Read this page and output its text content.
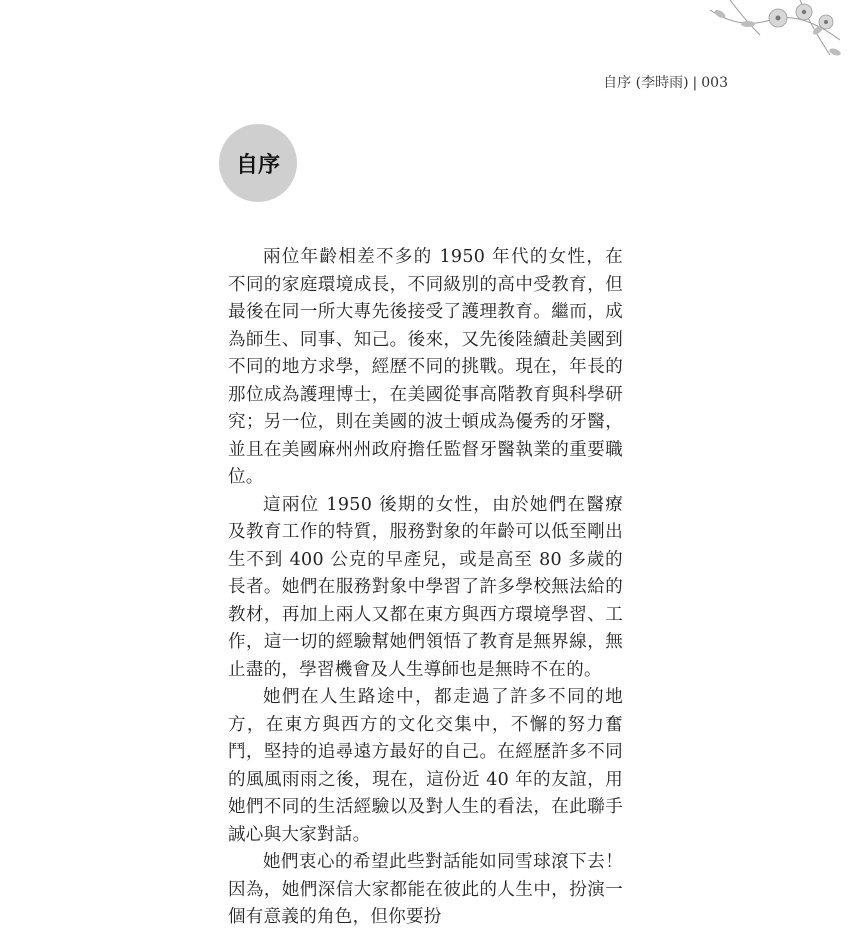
自序 (李時雨) | 003
自序

兩位年齡相差不多的 1950 年代的女性，在不同的家庭環境成長，不同級別的高中受教育，但最後在同一所大專先後接受了護理教育。繼而，成為師生、同事、知己。後來，又先後陸續赴美國到不同的地方求學，經歷不同的挑戰。現在，年長的那位成為護理博士，在美國從事高階教育與科學研究；另一位，則在美國的波士頓成為優秀的牙醫，並且在美國麻州州政府擔任監督牙醫執業的重要職位。

這兩位 1950 後期的女性，由於她們在醫療及教育工作的特質，服務對象的年齡可以低至剛出生不到 400 公克的早產兒，或是高至 80 多歲的長者。她們在服務對象中學習了許多學校無法給的教材，再加上兩人又都在東方與西方環境學習、工作，這一切的經驗幫她們領悟了教育是無界線，無止盡的，學習機會及人生導師也是無時不在的。

她們在人生路途中，都走過了許多不同的地方，在東方與西方的文化交集中，不懈的努力奮鬥，堅持的追尋遠方最好的自己。在經歷許多不同的風風雨雨之後，現在，這份近 40 年的友誼，用她們不同的生活經驗以及對人生的看法，在此聯手誠心與大家對話。

她們衷心的希望此些對話能如同雪球滾下去！因為，她們深信大家都能在彼此的人生中，扮演一個有意義的角色，但你要扮
